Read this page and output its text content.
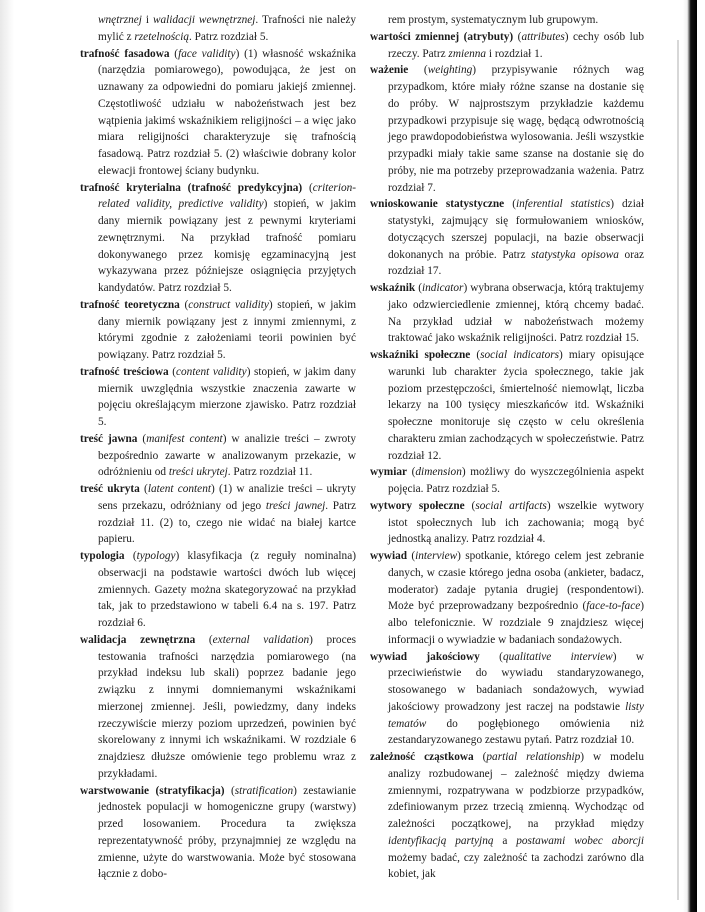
wnętrznej i walidacji wewnętrznej. Trafności nie należy mylić z rzetelnością. Patrz rozdział 5.
trafność fasadowa (face validity) (1) własność wskaźnika (narzędzia pomiarowego), powodująca, że jest on uznawany za odpowiedni do pomiaru jakiejś zmiennej. Częstotliwość udziału w nabożeństwach jest bez wątpienia jakimś wskaźnikiem religijności – a więc jako miara religijności charakteryzuje się trafnością fasadową. Patrz rozdział 5. (2) właściwie dobrany kolor elewacji frontowej ściany budynku.
trafność kryterialna (trafność predykcyjna) (criterion-related validity, predictive validity) stopień, w jakim dany miernik powiązany jest z pewnymi kryteriami zewnętrznymi. Na przykład trafność pomiaru dokonywanego przez komisję egzaminacyjną jest wykazywana przez późniejsze osiągnięcia przyjętych kandydatów. Patrz rozdział 5.
trafność teoretyczna (construct validity) stopień, w jakim dany miernik powiązany jest z innymi zmiennymi, z którymi zgodnie z założeniami teorii powinien być powiązany. Patrz rozdział 5.
trafność treściowa (content validity) stopień, w jakim dany miernik uwzględnia wszystkie znaczenia zawarte w pojęciu określającym mierzone zjawisko. Patrz rozdział 5.
treść jawna (manifest content) w analizie treści – zwroty bezpośrednio zawarte w analizowanym przekazie, w odróżnieniu od treści ukrytej. Patrz rozdział 11.
treść ukryta (latent content) (1) w analizie treści – ukryty sens przekazu, odróżniany od jego treści jawnej. Patrz rozdział 11. (2) to, czego nie widać na białej kartce papieru.
typologia (typology) klasyfikacja (z reguły nominalna) obserwacji na podstawie wartości dwóch lub więcej zmiennych. Gazety można skategoryzować na przykład tak, jak to przedstawiono w tabeli 6.4 na s. 197. Patrz rozdział 6.
walidacja zewnętrzna (external validation) proces testowania trafności narzędzia pomiarowego (na przykład indeksu lub skali) poprzez badanie jego związku z innymi domniemanymi wskaźnikami mierzonej zmiennej. Jeśli, powiedzmy, dany indeks rzeczywiście mierzy poziom uprzedzeń, powinien być skorelowany z innymi ich wskaźnikami. W rozdziale 6 znajdziesz dłuższe omówienie tego problemu wraz z przykładami.
warstwowanie (stratyfikacja) (stratification) zestawianie jednostek populacji w homogeniczne grupy (warstwy) przed losowaniem. Procedura ta zwiększa reprezentatywność próby, przynajmniej ze względu na zmienne, użyte do warstwowania. Może być stosowana łącznie z dobo-
rem prostym, systematycznym lub grupowym.
wartości zmiennej (atrybuty) (attributes) cechy osób lub rzeczy. Patrz zmienna i rozdział 1.
ważenie (weighting) przypisywanie różnych wag przypadkom, które miały różne szanse na dostanie się do próby. W najprostszym przykładzie każdemu przypadkowi przypisuje się wagę, będącą odwrotnością jego prawdopodobieństwa wylosowania. Jeśli wszystkie przypadki miały takie same szanse na dostanie się do próby, nie ma potrzeby przeprowadzania ważenia. Patrz rozdział 7.
wnioskowanie statystyczne (inferential statistics) dział statystyki, zajmujący się formułowaniem wniosków, dotyczących szerszej populacji, na bazie obserwacji dokonanych na próbie. Patrz statystyka opisowa oraz rozdział 17.
wskaźnik (indicator) wybrana obserwacja, którą traktujemy jako odzwierciedlenie zmiennej, którą chcemy badać. Na przykład udział w nabożeństwach możemy traktować jako wskaźnik religijności. Patrz rozdział 15.
wskaźniki społeczne (social indicators) miary opisujące warunki lub charakter życia społecznego, takie jak poziom przestępczości, śmiertelność niemowląt, liczba lekarzy na 100 tysięcy mieszkańców itd. Wskaźniki społeczne monitoruje się często w celu określenia charakteru zmian zachodzących w społeczeństwie. Patrz rozdział 12.
wymiar (dimension) możliwy do wyszczególnienia aspekt pojęcia. Patrz rozdział 5.
wytwory społeczne (social artifacts) wszelkie wytwory istot społecznych lub ich zachowania; mogą być jednostką analizy. Patrz rozdział 4.
wywiad (interview) spotkanie, którego celem jest zebranie danych, w czasie którego jedna osoba (ankieter, badacz, moderator) zadaje pytania drugiej (respondentowi). Może być przeprowadzany bezpośrednio (face-to-face) albo telefonicznie. W rozdziale 9 znajdziesz więcej informacji o wywiadzie w badaniach sondażowych.
wywiad jakościowy (qualitative interview) w przeciwieństwie do wywiadu standaryzowanego, stosowanego w badaniach sondażowych, wywiad jakościowy prowadzony jest raczej na podstawie listy tematów do pogłębionego omówienia niż zestandaryzowanego zestawu pytań. Patrz rozdział 10.
zależność cząstkowa (partial relationship) w modelu analizy rozbudowanej – zależność między dwiema zmiennymi, rozpatrywana w podzbiorze przypadków, zdefiniowanym przez trzecią zmienną. Wychodząc od zależności początkowej, na przykład między identyfikacją partyjną a postawami wobec aborcji możemy badać, czy zależność ta zachodzi zarówno dla kobiet, jak
